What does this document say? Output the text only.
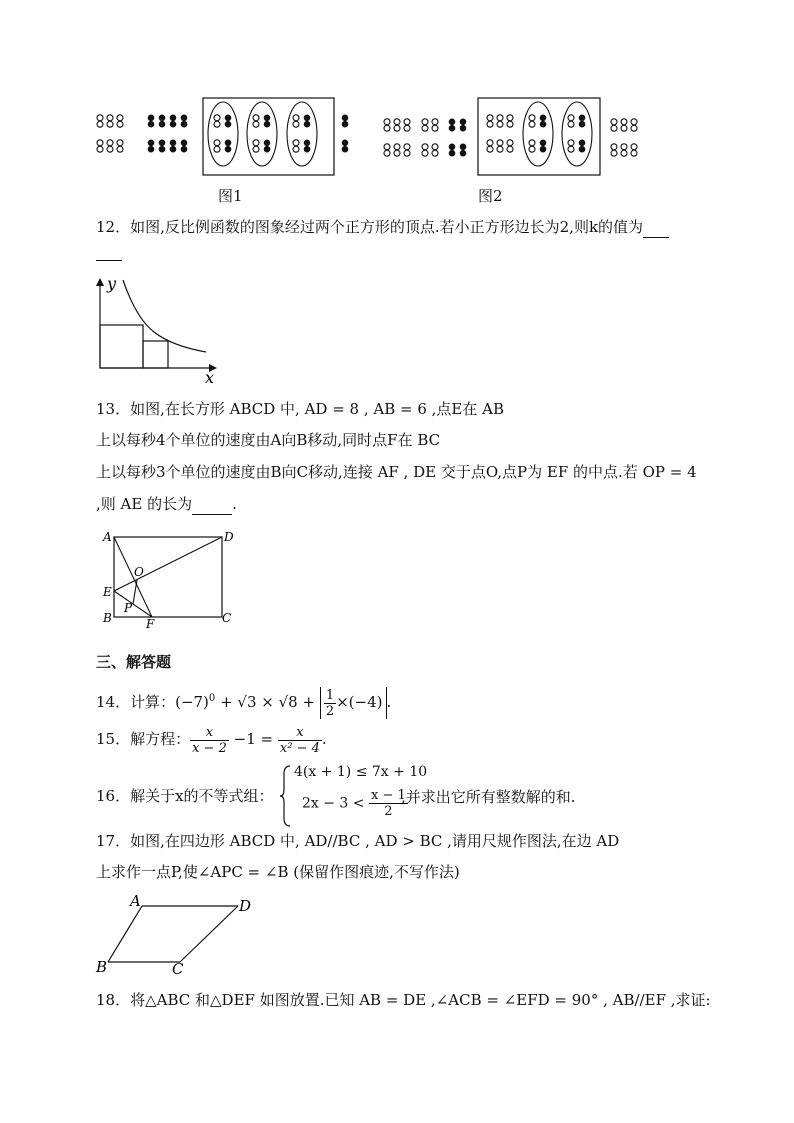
图1	图2
12．如图,反比例函数的图象经过两个正方形的顶点.若小正方形边长为2,则k的值为
y
x
13．如图,在长方形 ABCD 中, AD = 8 , AB = 6 ,点E在 AB
上以每秒4个单位的速度由A向B移动,同时点F在 BC
上以每秒3个单位的速度由B向C移动,连接 AF , DE 交于点O,点P为 EF 的中点.若 OP = 4
,则 AE 的长为	.
A	D
B	C
E
F
O
P
三、解答题
14．计算：$(-7)^0 + √3 \times √8 + \frac{1}{2} \times(-4)$ .
15．解方程： $\frac{x}{x - 2} -1 = \frac{x}{\text{x² − 4}}$ .
16．解关于x的不等式组：
4(x + 1) ≤ 7x + 10
$2x - 3 < \frac{x - 1}{2}$
,并求出它所有整数解的和.
17．如图,在四边形 ABCD 中, AD//BC , AD > BC ,请用尺规作图法,在边 AD
上求作一点P,使∠APC = ∠B (保留作图痕迹,不写作法)
A	D
B	C
18．将△ABC 和△DEF 如图放置.已知 AB = DE ,∠ACB = ∠EFD = 90° , AB//EF ,求证:
